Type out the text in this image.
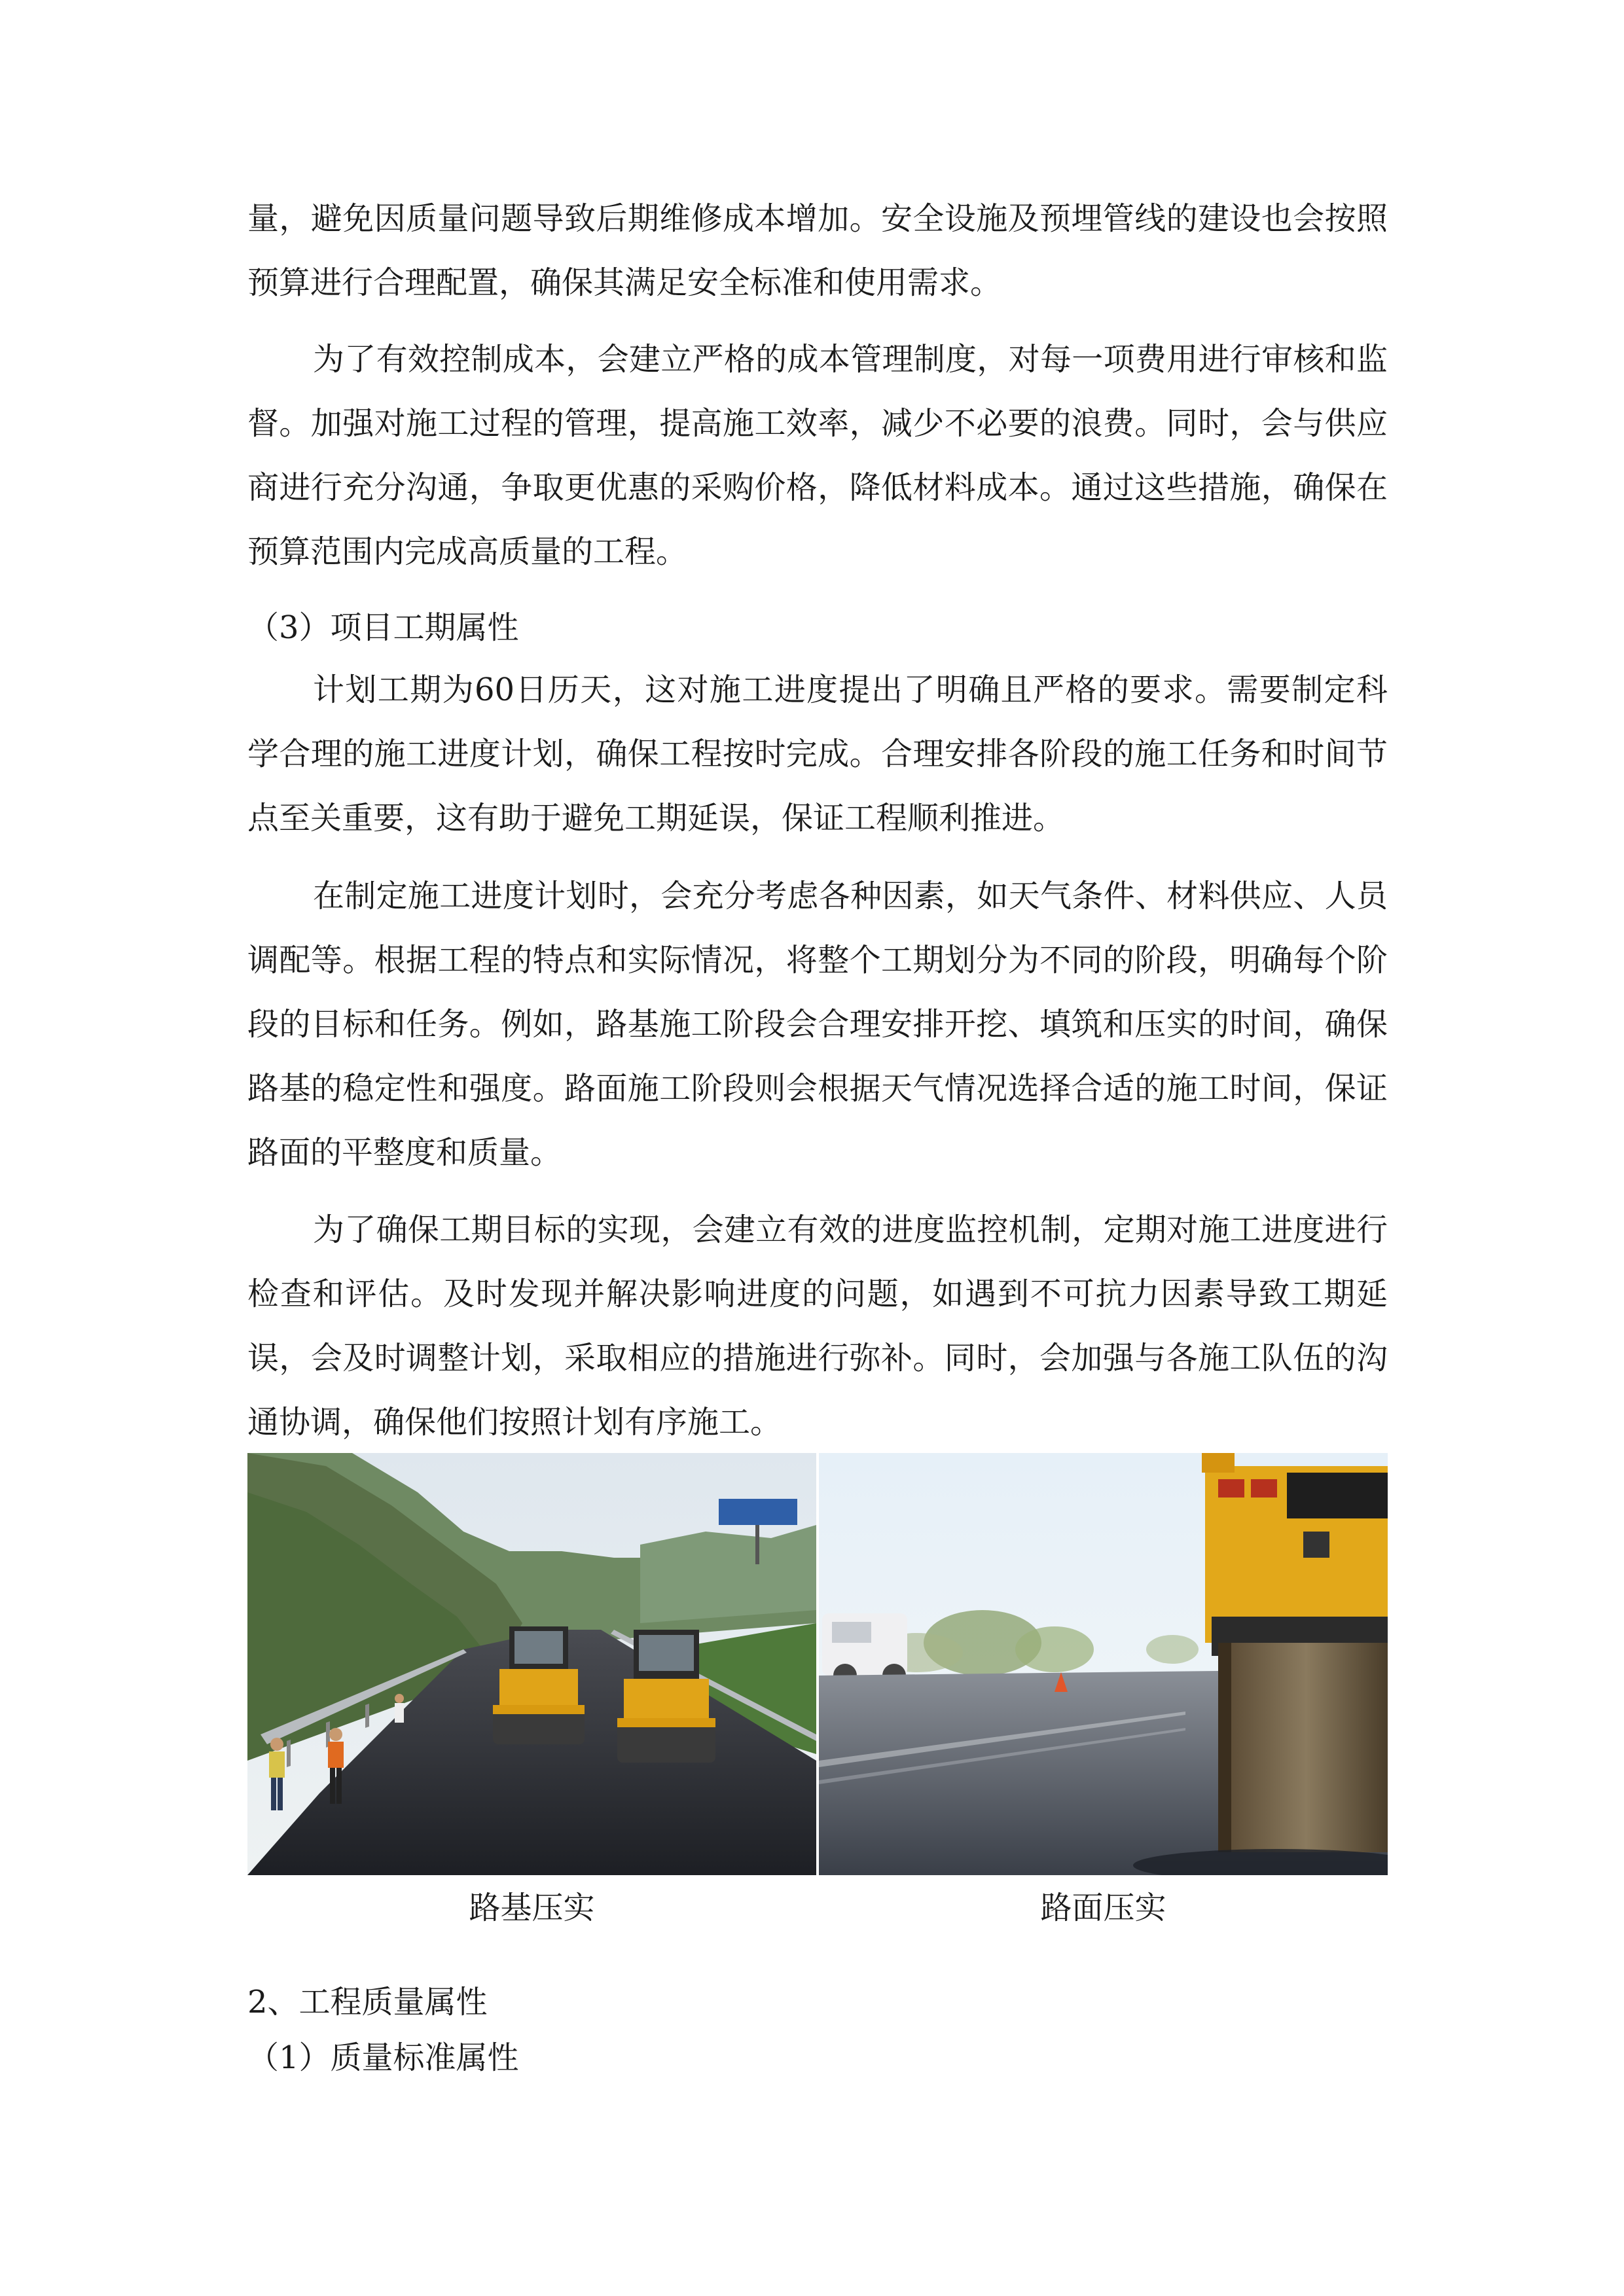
量，避免因质量问题导致后期维修成本增加。安全设施及预埋管线的建设也会按照预算进行合理配置，确保其满足安全标准和使用需求。

为了有效控制成本，会建立严格的成本管理制度，对每一项费用进行审核和监督。加强对施工过程的管理，提高施工效率，减少不必要的浪费。同时，会与供应商进行充分沟通，争取更优惠的采购价格，降低材料成本。通过这些措施，确保在预算范围内完成高质量的工程。

（3）项目工期属性

计划工期为60日历天，这对施工进度提出了明确且严格的要求。需要制定科学合理的施工进度计划，确保工程按时完成。合理安排各阶段的施工任务和时间节点至关重要，这有助于避免工期延误，保证工程顺利推进。

在制定施工进度计划时，会充分考虑各种因素，如天气条件、材料供应、人员调配等。根据工程的特点和实际情况，将整个工期划分为不同的阶段，明确每个阶段的目标和任务。例如，路基施工阶段会合理安排开挖、填筑和压实的时间，确保路基的稳定性和强度。路面施工阶段则会根据天气情况选择合适的施工时间，保证路面的平整度和质量。

为了确保工期目标的实现，会建立有效的进度监控机制，定期对施工进度进行检查和评估。及时发现并解决影响进度的问题，如遇到不可抗力因素导致工期延误，会及时调整计划，采取相应的措施进行弥补。同时，会加强与各施工队伍的沟通协调，确保他们按照计划有序施工。

路基压实	路面压实

2、工程质量属性

（1）质量标准属性
